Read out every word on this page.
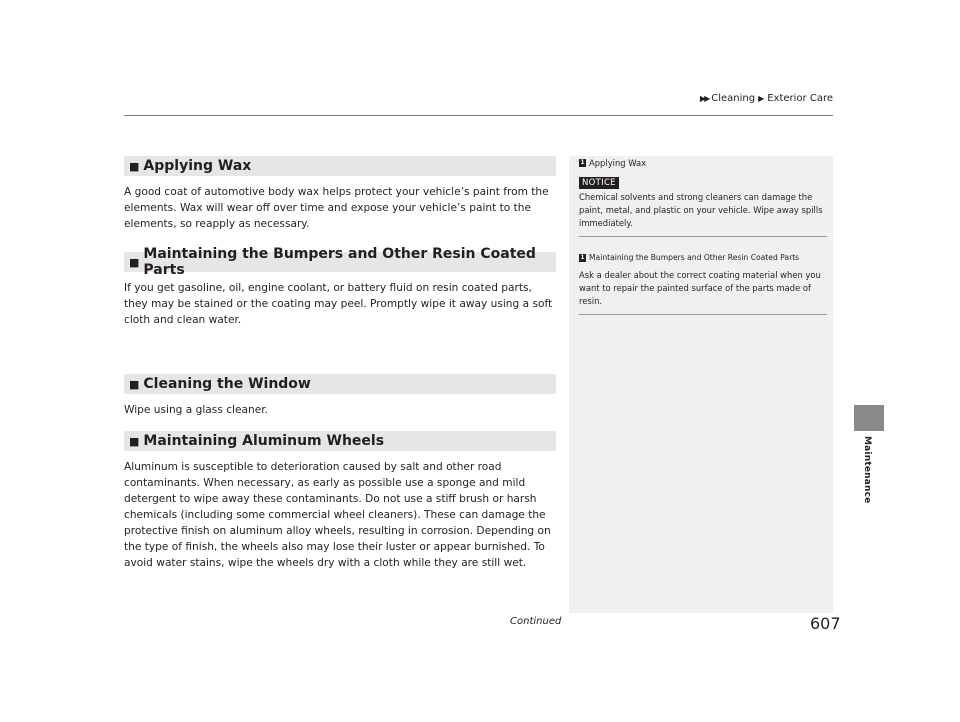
▶▶ Cleaning ▶ Exterior Care
■ Applying Wax

A good coat of automotive body wax helps protect your vehicle’s paint from the elements. Wax will wear off over time and expose your vehicle’s paint to the elements, so reapply as necessary.

■ Maintaining the Bumpers and Other Resin Coated Parts

If you get gasoline, oil, engine coolant, or battery fluid on resin coated parts, they may be stained or the coating may peel. Promptly wipe it away using a soft cloth and clean water.

■ Cleaning the Window

Wipe using a glass cleaner.

■ Maintaining Aluminum Wheels

Aluminum is susceptible to deterioration caused by salt and other road contaminants. When necessary, as early as possible use a sponge and mild detergent to wipe away these contaminants. Do not use a stiff brush or harsh chemicals (including some commercial wheel cleaners). These can damage the protective finish on aluminum alloy wheels, resulting in corrosion. Depending on the type of finish, the wheels also may lose their luster or appear burnished. To avoid water stains, wipe the wheels dry with a cloth while they are still wet.

1 Applying Wax
NOTICE

Chemical solvents and strong cleaners can damage the paint, metal, and plastic on your vehicle. Wipe away spills immediately.

1 Maintaining the Bumpers and Other Resin Coated Parts

Ask a dealer about the correct coating material when you want to repair the painted surface of the parts made of resin.

Maintenance
Continued	607
